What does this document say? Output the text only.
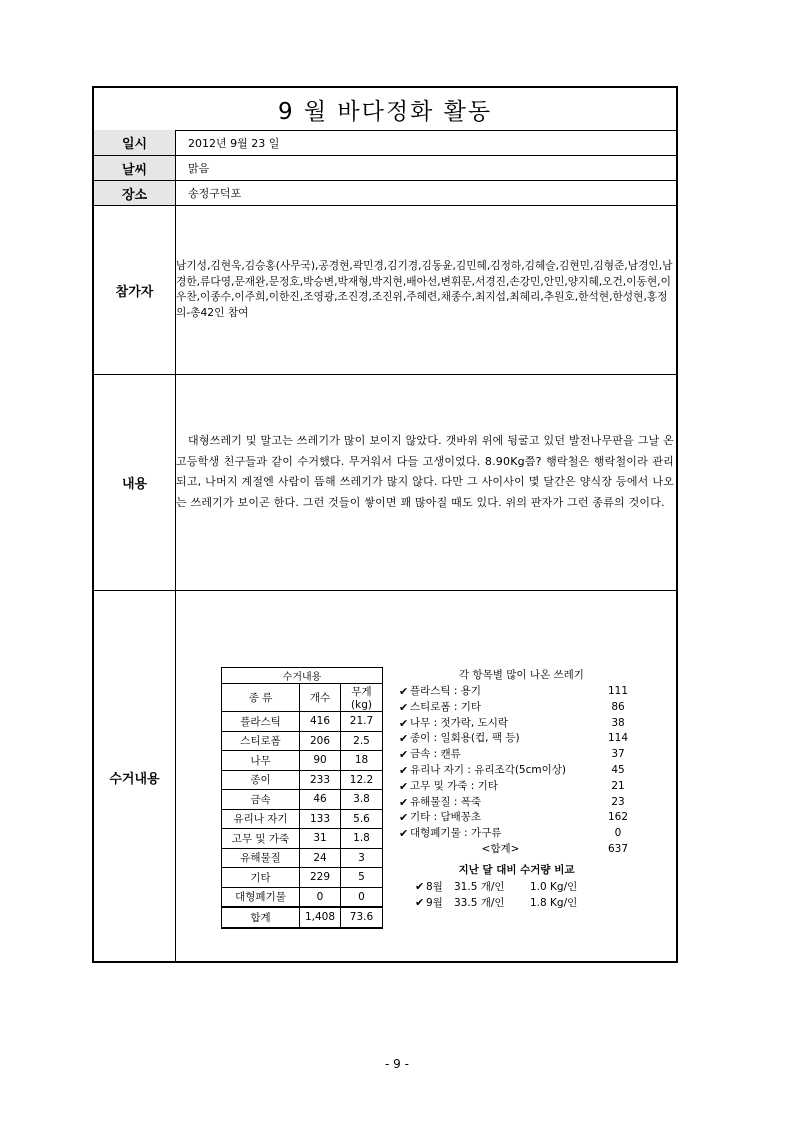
9 월 바다정화 활동
일시	2012년 9월 23 일
날씨	맑음
장소	송정구덕포
참가자
남기성,김현욱,김승홍(사무국),공경현,곽민경,김기경,김동윤,김민혜,김정하,김혜슬,김현민,김형준,남경인,남경한,류다영,문재완,문정호,박승변,박재형,박지현,배아선,변휘문,서경진,손강민,안민,양지혜,오건,이동현,이우찬,이종수,이주희,이한진,조영광,조진경,조진위,주혜련,채종수,최지섭,최혜리,추원호,한석현,한성현,홍정의-총42인 참여
내용
대형쓰레기 및 말고는 쓰레기가 많이 보이지 않았다. 갯바위 위에 뒹굴고 있던 발전나무판을 그날 온 고등학생 친구들과 같이 수거했다. 무거워서 다들 고생이었다. 8.90Kg쯤? 행락철은 행락철이라 관리되고, 나머지 계절엔 사람이 뜸해 쓰레기가 많지 않다. 다만 그 사이사이 몇 달간은 양식장 등에서 나오는 쓰레기가 보이곤 한다. 그런 것들이 쌓이면 꽤 많아질 때도 있다. 위의 판자가 그런 종류의 것이다.
수거내용
수거내용		
종 류	개수	무게(kg)
플라스틱	416	21.7
스티로폼	206	2.5
나무	90	18
종이	233	12.2
금속	46	3.8
유리나 자기	133	5.6
고무 및 가죽	31	1.8
유해물질	24	3
기타	229	5
대형폐기물	0	0
합계	1,408	73.6
각 항목별 많이 나온 쓰레기
✔ 플라스틱 : 용기	111
✔ 스티로폼 : 기타	86
✔ 나무 : 젓가락, 도시락	38
✔ 종이 : 일회용(컵, 팩 등)	114
✔ 금속 : 캔류	37
✔ 유리나 자기 : 유리조각(5cm이상)	45
✔ 고무 및 가죽 : 기타	21
✔ 유해물질 : 폭죽	23
✔ 기타 : 담배꽁초	162
✔ 대형폐기물 : 가구류	0
<합계>	637
지난 달 대비 수거량 비교
✔ 8월 31.5 개/인 1.0 Kg/인
✔ 9월 33.5 개/인 1.8 Kg/인
- 9 -
